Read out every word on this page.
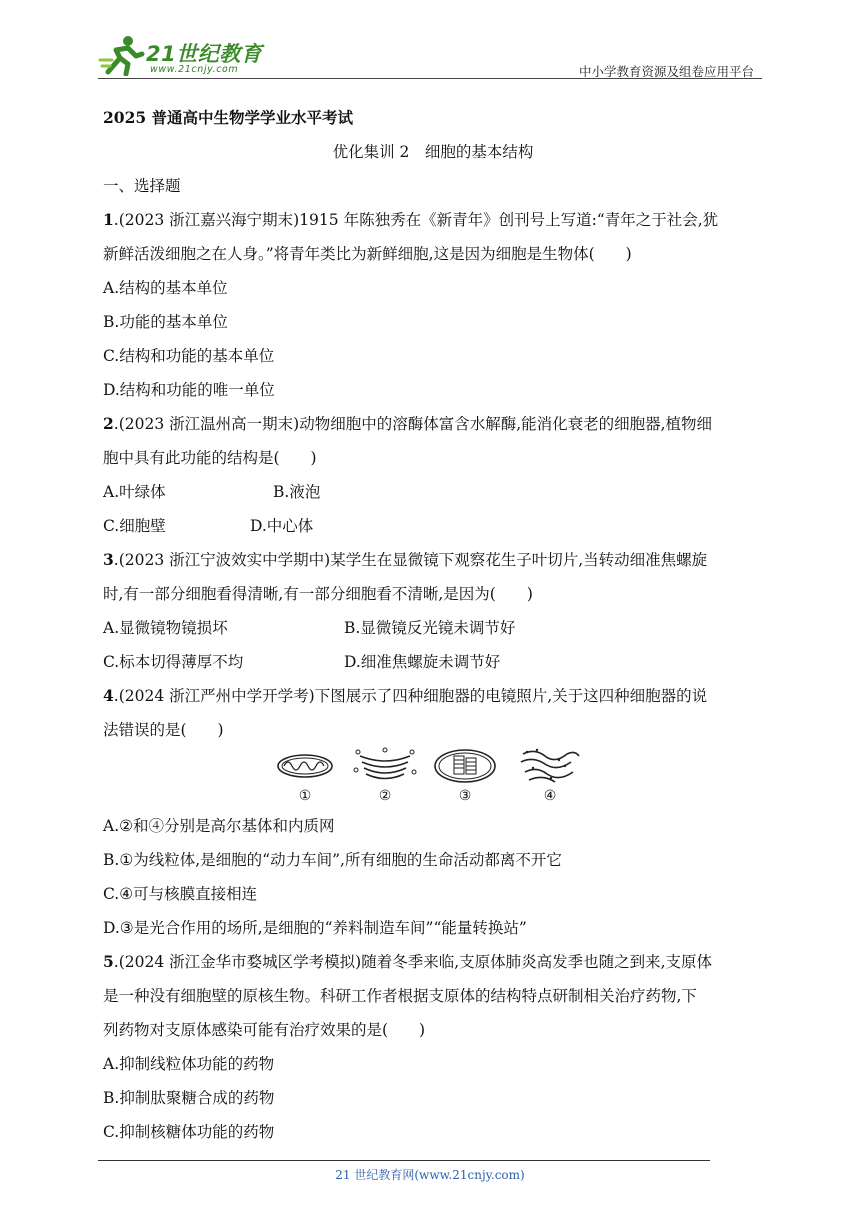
21世纪教育
www.21cnjy.com	中小学教育资源及组卷应用平台
2025 普通高中生物学学业水平考试
优化集训 2　细胞的基本结构
一、选择题
1.(2023 浙江嘉兴海宁期末)1915 年陈独秀在《新青年》创刊号上写道:“青年之于社会,犹
新鲜活泼细胞之在人身。”将青年类比为新鲜细胞,这是因为细胞是生物体(　　)
A.结构的基本单位
B.功能的基本单位
C.结构和功能的基本单位
D.结构和功能的唯一单位
2.(2023 浙江温州高一期末)动物细胞中的溶酶体富含水解酶,能消化衰老的细胞器,植物细
胞中具有此功能的结构是(　　)
A.叶绿体	B.液泡
C.细胞壁	D.中心体
3.(2023 浙江宁波效实中学期中)某学生在显微镜下观察花生子叶切片,当转动细准焦螺旋
时,有一部分细胞看得清晰,有一部分细胞看不清晰,是因为(　　)
A.显微镜物镜损坏	B.显微镜反光镜未调节好
C.标本切得薄厚不均	D.细准焦螺旋未调节好
4.(2024 浙江严州中学开学考)下图展示了四种细胞器的电镜照片,关于这四种细胞器的说
法错误的是(　　)
①	②	③	④
A.②和④分别是高尔基体和内质网
B.①为线粒体,是细胞的“动力车间”,所有细胞的生命活动都离不开它
C.④可与核膜直接相连
D.③是光合作用的场所,是细胞的“养料制造车间”“能量转换站”
5.(2024 浙江金华市婺城区学考模拟)随着冬季来临,支原体肺炎高发季也随之到来,支原体
是一种没有细胞壁的原核生物。科研工作者根据支原体的结构特点研制相关治疗药物,下
列药物对支原体感染可能有治疗效果的是(　　)
A.抑制线粒体功能的药物
B.抑制肽聚糖合成的药物
C.抑制核糖体功能的药物
21 世纪教育网(www.21cnjy.com)
